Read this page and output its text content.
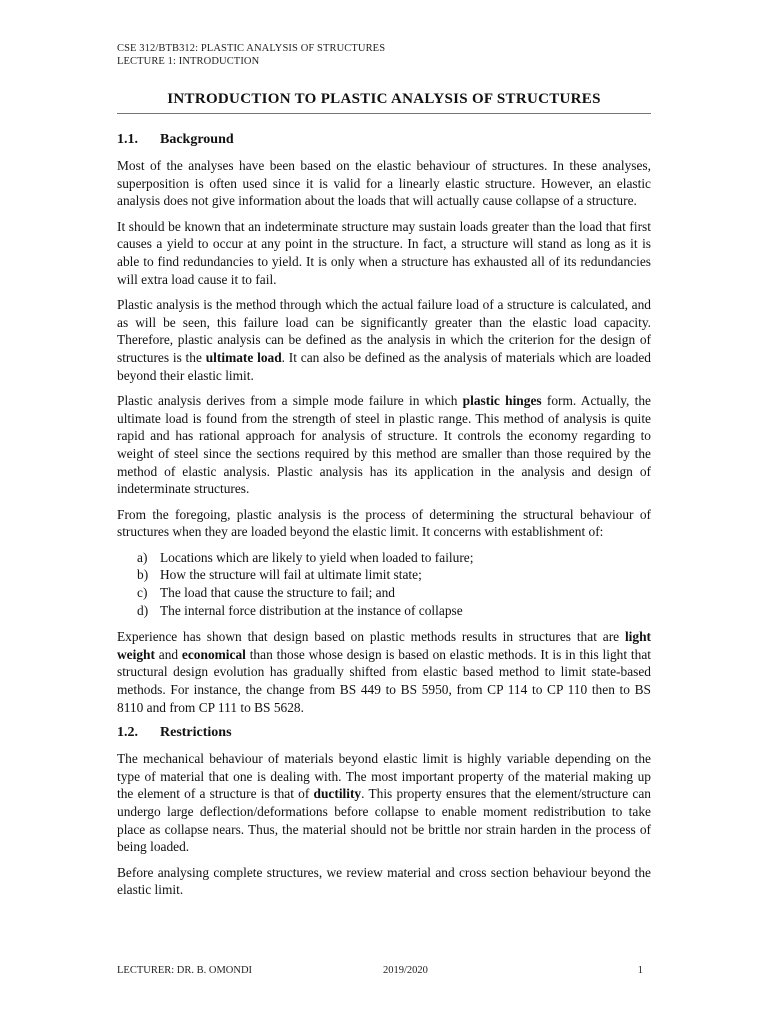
CSE 312/BTB312: PLASTIC ANALYSIS OF STRUCTURES
LECTURE 1: INTRODUCTION
INTRODUCTION TO PLASTIC ANALYSIS OF STRUCTURES
1.1. Background

Most of the analyses have been based on the elastic behaviour of structures. In these analyses, superposition is often used since it is valid for a linearly elastic structure. However, an elastic analysis does not give information about the loads that will actually cause collapse of a structure.

It should be known that an indeterminate structure may sustain loads greater than the load that first causes a yield to occur at any point in the structure. In fact, a structure will stand as long as it is able to find redundancies to yield. It is only when a structure has exhausted all of its redundancies will extra load cause it to fail.

Plastic analysis is the method through which the actual failure load of a structure is calculated, and as will be seen, this failure load can be significantly greater than the elastic load capacity. Therefore, plastic analysis can be defined as the analysis in which the criterion for the design of structures is the ultimate load. It can also be defined as the analysis of materials which are loaded beyond their elastic limit.

Plastic analysis derives from a simple mode failure in which plastic hinges form. Actually, the ultimate load is found from the strength of steel in plastic range. This method of analysis is quite rapid and has rational approach for analysis of structure. It controls the economy regarding to weight of steel since the sections required by this method are smaller than those required by the method of elastic analysis. Plastic analysis has its application in the analysis and design of indeterminate structures.

From the foregoing, plastic analysis is the process of determining the structural behaviour of structures when they are loaded beyond the elastic limit. It concerns with establishment of:

a) Locations which are likely to yield when loaded to failure;
b) How the structure will fail at ultimate limit state;
c) The load that cause the structure to fail; and
d) The internal force distribution at the instance of collapse

Experience has shown that design based on plastic methods results in structures that are light weight and economical than those whose design is based on elastic methods. It is in this light that structural design evolution has gradually shifted from elastic based method to limit state-based methods. For instance, the change from BS 449 to BS 5950, from CP 114 to CP 110 then to BS 8110 and from CP 111 to BS 5628.

1.2. Restrictions

The mechanical behaviour of materials beyond elastic limit is highly variable depending on the type of material that one is dealing with. The most important property of the material making up the element of a structure is that of ductility. This property ensures that the element/structure can undergo large deflection/deformations before collapse to enable moment redistribution to take place as collapse nears. Thus, the material should not be brittle nor strain harden in the process of being loaded.

Before analysing complete structures, we review material and cross section behaviour beyond the elastic limit.

LECTURER: DR. B. OMONDI	2019/2020	1
